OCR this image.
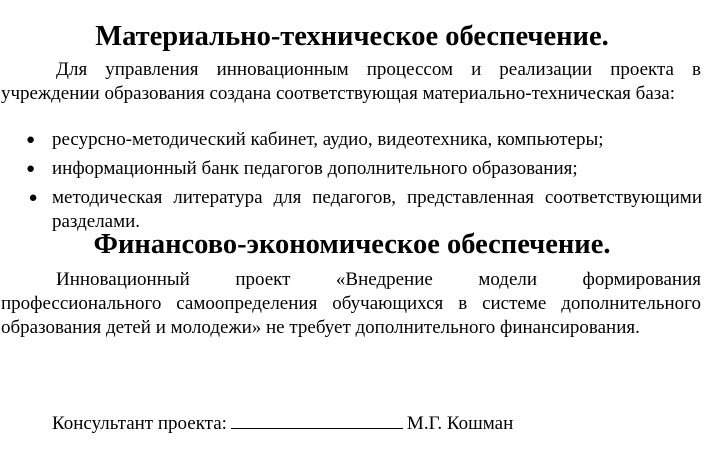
Материально-техническое обеспечение.

Для управления инновационным процессом и реализации проекта в учреждении образования создана соответствующая материально-техническая база:

● ресурсно-методический кабинет, аудио, видеотехника, компьютеры;
● информационный банк педагогов дополнительного образования;
● методическая литература для педагогов, представленная соответствующими разделами.
Финансово-экономическое обеспечение.

Инновационный проект «Внедрение модели формирования профессионального самоопределения обучающихся в системе дополнительного образования детей и молодежи» не требует дополнительного финансирования.

Консультант проекта:	М.Г. Кошман
